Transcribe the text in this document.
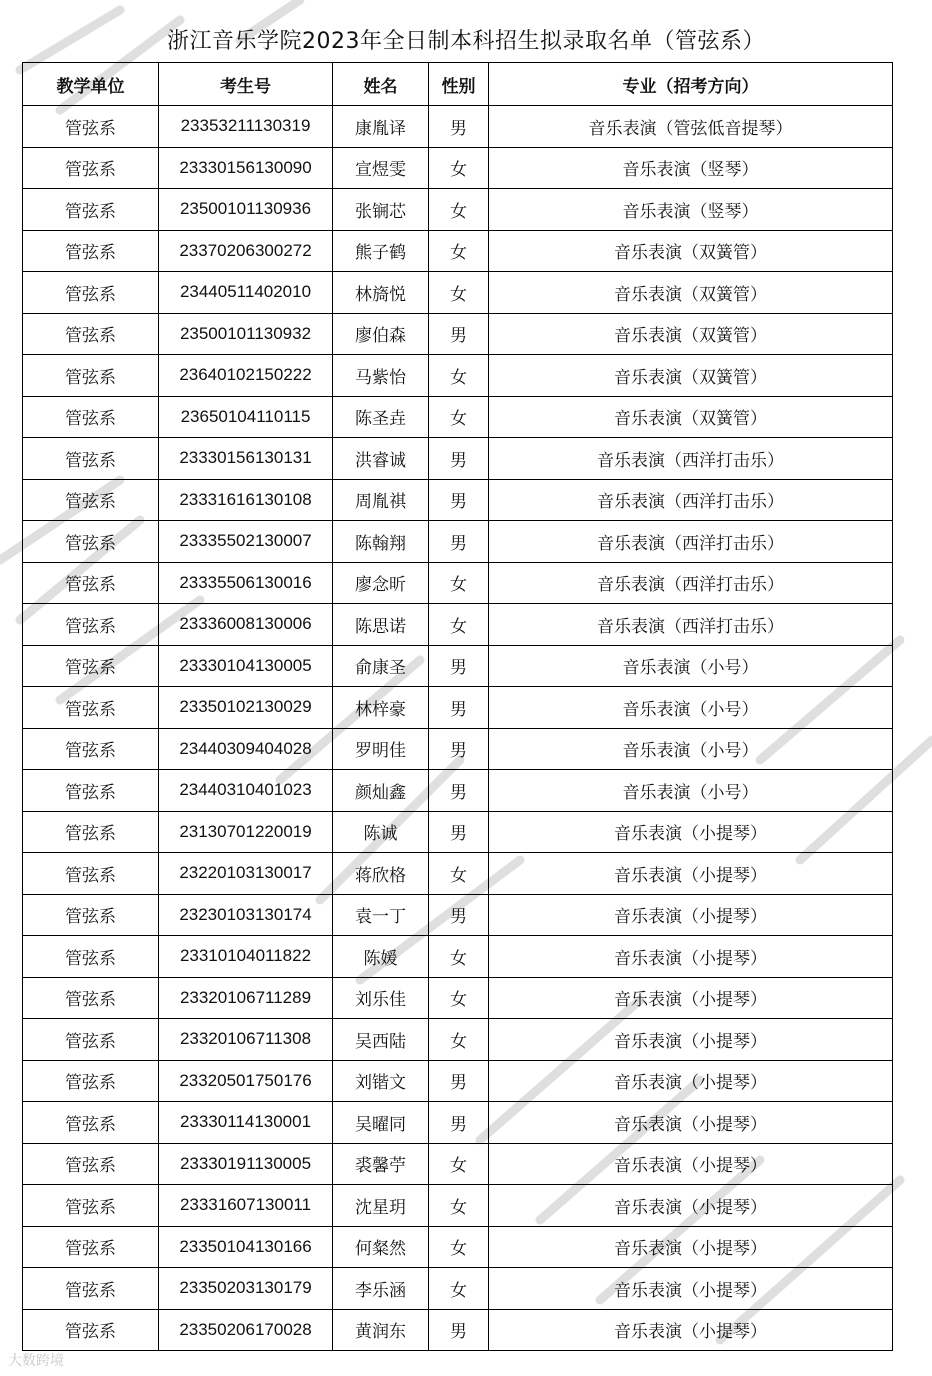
浙江音乐学院2023年全日制本科招生拟录取名单（管弦系）
教学单位	考生号	姓名	性别	专业（招考方向）
管弦系	23353211130319	康胤译	男	音乐表演（管弦低音提琴）
管弦系	23330156130090	宣煜雯	女	音乐表演（竖琴）
管弦系	23500101130936	张锎芯	女	音乐表演（竖琴）
管弦系	23370206300272	熊子鹤	女	音乐表演（双簧管）
管弦系	23440511402010	林旖悦	女	音乐表演（双簧管）
管弦系	23500101130932	廖伯森	男	音乐表演（双簧管）
管弦系	23640102150222	马紫怡	女	音乐表演（双簧管）
管弦系	23650104110115	陈圣垚	女	音乐表演（双簧管）
管弦系	23330156130131	洪睿诚	男	音乐表演（西洋打击乐）
管弦系	23331616130108	周胤祺	男	音乐表演（西洋打击乐）
管弦系	23335502130007	陈翰翔	男	音乐表演（西洋打击乐）
管弦系	23335506130016	廖念昕	女	音乐表演（西洋打击乐）
管弦系	23336008130006	陈思诺	女	音乐表演（西洋打击乐）
管弦系	23330104130005	俞康圣	男	音乐表演（小号）
管弦系	23350102130029	林梓豪	男	音乐表演（小号）
管弦系	23440309404028	罗明佳	男	音乐表演（小号）
管弦系	23440310401023	颜灿鑫	男	音乐表演（小号）
管弦系	23130701220019	陈诚	男	音乐表演（小提琴）
管弦系	23220103130017	蒋欣格	女	音乐表演（小提琴）
管弦系	23230103130174	袁一丁	男	音乐表演（小提琴）
管弦系	23310104011822	陈媛	女	音乐表演（小提琴）
管弦系	23320106711289	刘乐佳	女	音乐表演（小提琴）
管弦系	23320106711308	吴西陆	女	音乐表演（小提琴）
管弦系	23320501750176	刘锴文	男	音乐表演（小提琴）
管弦系	23330114130001	吴曜同	男	音乐表演（小提琴）
管弦系	23330191130005	裘馨苧	女	音乐表演（小提琴）
管弦系	23331607130011	沈星玥	女	音乐表演（小提琴）
管弦系	23350104130166	何粲然	女	音乐表演（小提琴）
管弦系	23350203130179	李乐涵	女	音乐表演（小提琴）
管弦系	23350206170028	黄润东	男	音乐表演（小提琴）
大数跨境
